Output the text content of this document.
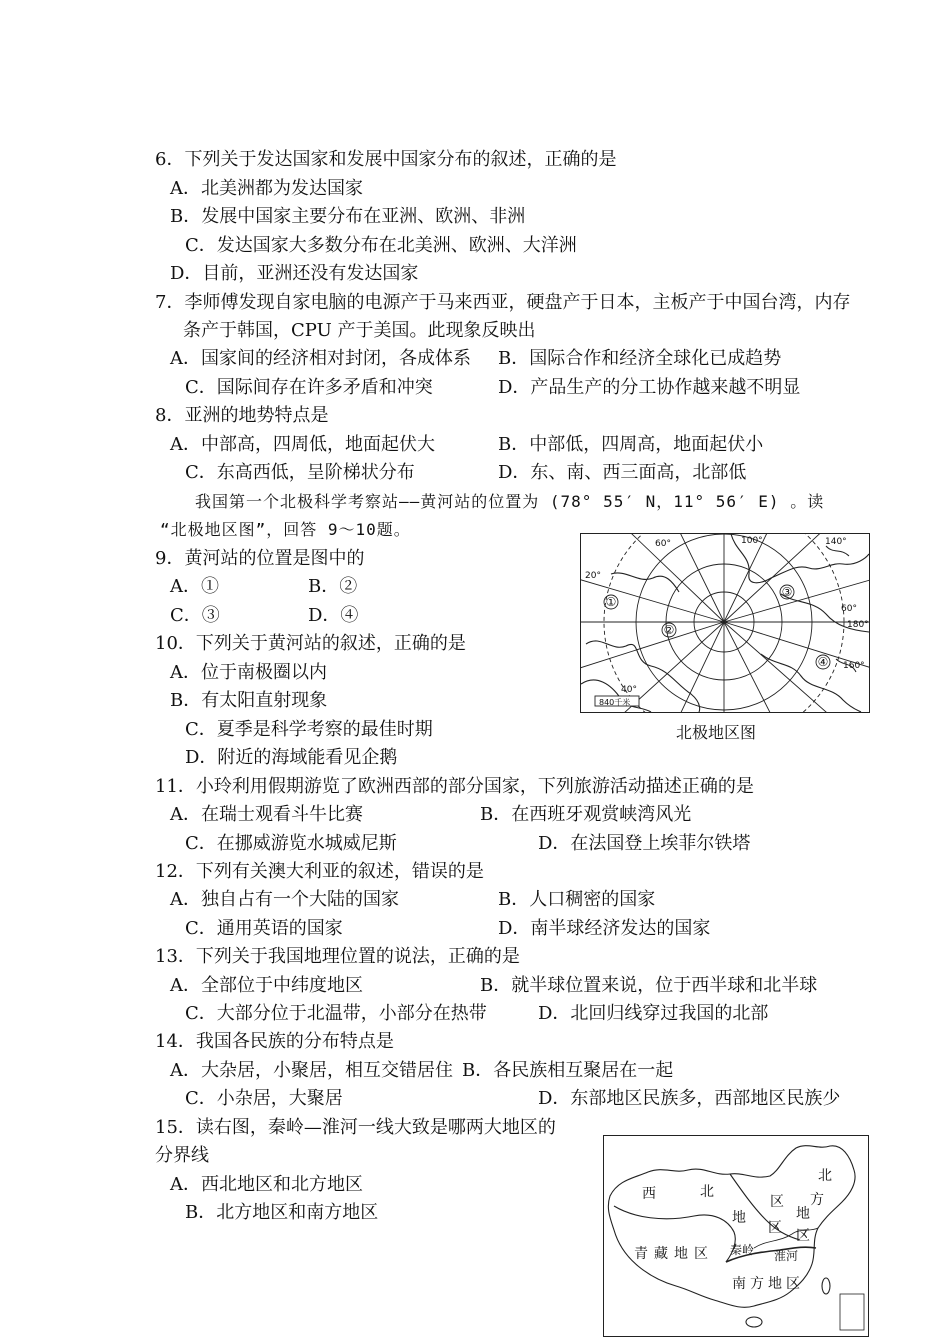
6．下列关于发达国家和发展中国家分布的叙述，正确的是
A．北美洲都为发达国家
B．发展中国家主要分布在亚洲、欧洲、非洲
C．发达国家大多数分布在北美洲、欧洲、大洋洲
D．目前，亚洲还没有发达国家
7．李师傅发现自家电脑的电源产于马来西亚，硬盘产于日本，主板产于中国台湾，内存
条产于韩国，CPU 产于美国。此现象反映出
A．国家间的经济相对封闭，各成体系 B．国际合作和经济全球化已成趋势
C．国际间存在许多矛盾和冲突	D．产品生产的分工协作越来越不明显
8．亚洲的地势特点是
A．中部高，四周低，地面起伏大	B．中部低，四周高，地面起伏小
C．东高西低，呈阶梯状分布	D．东、南、西三面高，北部低
我国第一个北极科学考察站——黄河站的位置为 (78° 55′ N，11° 56′ E) 。读
“北极地区图”，回答 9～10题。
9．黄河站的位置是图中的
A．①	B．②
C．③	D．④
①
②
③
④
20°
60°	100°	140°
60°
180°
160°
40°
840千米
北极地区图
10．下列关于黄河站的叙述，正确的是
A．位于南极圈以内
B．有太阳直射现象
C．夏季是科学考察的最佳时期
D．附近的海域能看见企鹅
11．小玲利用假期游览了欧洲西部的部分国家，下列旅游活动描述正确的是
A．在瑞士观看斗牛比赛	B．在西班牙观赏峡湾风光
C．在挪威游览水城威尼斯	D．在法国登上埃菲尔铁塔
12．下列有关澳大利亚的叙述，错误的是
A．独自占有一个大陆的国家	B．人口稠密的国家
C．通用英语的国家	D．南半球经济发达的国家
13．下列关于我国地理位置的说法，正确的是
A．全部位于中纬度地区	B．就半球位置来说，位于西半球和北半球
C．大部分位于北温带，小部分在热带	D．北回归线穿过我国的北部
14．我国各民族的分布特点是
A．大杂居，小聚居，相互交错居住 B．各民族相互聚居在一起
C．小杂居，大聚居	D．东部地区民族多，西部地区民族少
15．读右图，秦岭—淮河一线大致是哪两大地区的
分界线
A．西北地区和北方地区
B．北方地区和南方地区
西	北
地
区
北
方
区
地
区
青 藏 地 区 秦岭 淮河
南 方 地 区
